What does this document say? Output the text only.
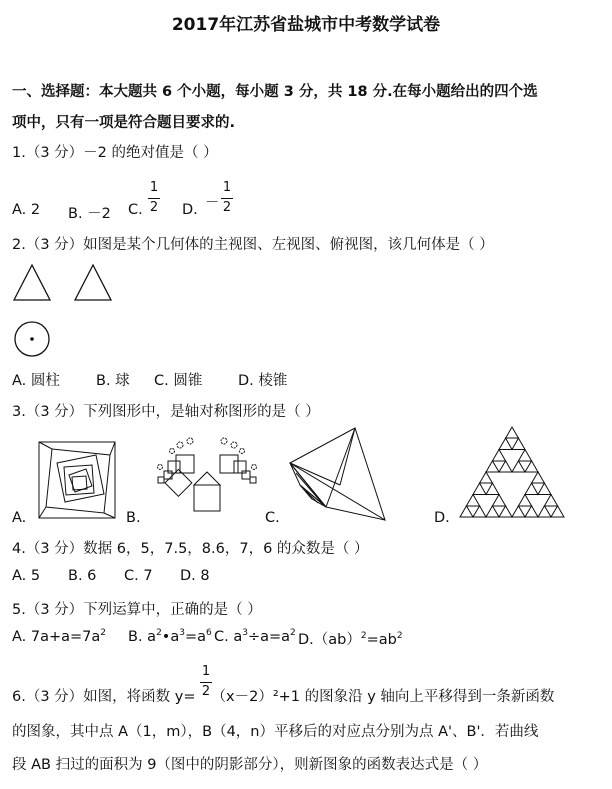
2017年江苏省盐城市中考数学试卷
一、选择题：本大题共 6 个小题，每小题 3 分，共 18 分.在每小题给出的四个选
项中，只有一项是符合题目要求的.
1.（3 分）－2 的绝对值是（ ）
A. 2 B. －2 C.
1
2 D. －
1
2
2.（3 分）如图是某个几何体的主视图、左视图、俯视图，该几何体是（ ）
A. 圆柱 B. 球 C. 圆锥 D. 棱锥
3.（3 分）下列图形中，是轴对称图形的是（ ）
A.	B.	C.	D.
4.（3 分）数据 6，5，7.5，8.6，7，6 的众数是（ ）
A. 5 B. 6 C. 7 D. 8
5.（3 分）下列运算中，正确的是（ ）
A. $7a+a=7a^2$ B. $a^2•a^3=a^6$ C. $a^3\div a=a^2$ $D.(ab)^2=ab^2$
1
2
6.（3 分）如图，将函数 y= （x－2）²+1 的图象沿 y 轴向上平移得到一条新函数
的图象，其中点 A（1，m），B（4，n）平移后的对应点分别为点 A'、B'．若曲线
段 AB 扫过的面积为 9（图中的阴影部分），则新图象的函数表达式是（ ）
